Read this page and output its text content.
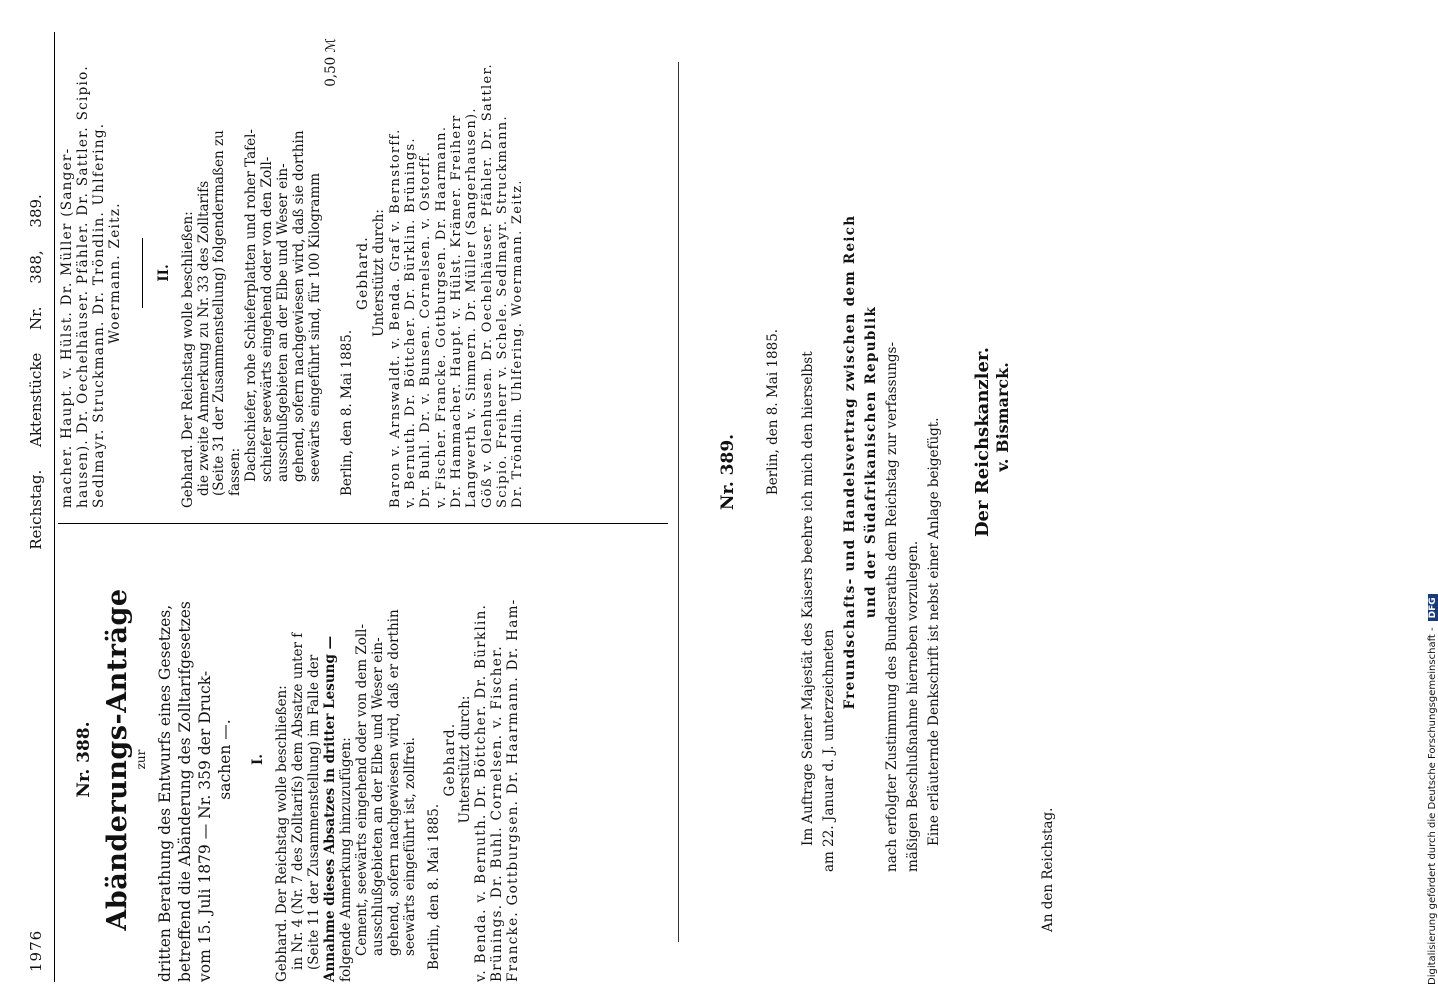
1976
Reichstag. Aktenstücke Nr. 388, 389.
Nr. 388. Abänderungs-Anträge zur dritten Berathung des Entwurfs eines Gesetzes, betreffend die Abänderung des Zolltarifgesetzes vom 15. Juli 1879 — Nr. 359 der Druck- sachen —. I. Gebhard. Der Reichstag wolle beschließen: in Nr. 4 (Nr. 7 des Zolltarifs) dem Absatze unter f (Seite 11 der Zusammenstellung) im Falle der Annahme dieses Absatzes in dritter Lesung — folgende Anmerkung hinzuzufügen: Cement, seewärts eingehend oder von dem Zoll- ausschlußgebieten an der Elbe und Weser ein- gehend, sofern nachgewiesen wird, daß er dorthin seewärts eingeführt ist, zollfrei. Berlin, den 8. Mai 1885.
Gebhard. Unterstützt durch: v. Benda. v. Bernuth. Dr. Böttcher. Dr. Bürklin. Brünings. Dr. Buhl. Cornelsen. v. Fischer. Francke. Gottburgsen. Dr. Haarmann. Dr. Ham-
macher. Haupt. v. Hülst. Dr. Müller (Sanger- hausen). Dr. Oechelhäuser. Pfähler. Dr. Sattler. Scipio. Sedlmayr. Struckmann. Dr. Tröndlin. Uhlfering. Woermann. Zeitz. II. Gebhard. Der Reichstag wolle beschließen: die zweite Anmerkung zu Nr. 33 des Zolltarifs (Seite 31 der Zusammenstellung) folgendermaßen zu fassen: Dachschiefer, rohe Schieferplatten und roher Tafel- schiefer seewärts eingehend oder von den Zoll- ausschlußgebieten an der Elbe und Weser ein- gehend, sofern nachgewiesen wird, daß sie dorthin seewärts eingeführt sind, für 100 Kilogramm
0,50 ℳ
Berlin, den 8. Mai 1885.
Gebhard. Unterstützt durch: Baron v. Arnswaldt. v. Benda. Graf v. Bernstorff. v. Bernuth. Dr. Böttcher. Dr. Bürklin. Brünings. Dr. Buhl. Dr. v. Bunsen. Cornelsen. v. Ostorff. v. Fischer. Francke. Gottburgsen. Dr. Haarmann. Dr. Hammacher. Haupt. v. Hülst. Krämer. Freiherr Langwerth v. Simmern. Dr. Müller (Sangerhausen). Göß v. Olenhusen. Dr. Oechelhäuser. Pfähler. Dr. Sattler. Scipio. Freiherr v. Schele. Sedlmayr. Struckmann. Dr. Tröndlin. Uhlfering. Woermann. Zeitz.	Nr. 389. Berlin, den 8. Mai 1885. Im Auftrage Seiner Majestät des Kaisers beehre ich mich den hierselbst am 22. Januar d. J. unterzeichneten
Freundschafts- und Handelsvertrag zwischen dem Reich und der Südafrikanischen Republik nach erfolgter Zustimmung des Bundesraths dem Reichstag zur verfassungs- mäßigen Beschlußnahme hierneben vorzulegen. Eine erläuternde Denkschrift ist nebst einer Anlage beigefügt. Der Reichskanzler. v. Bismarck.
An den Reichstag.	Digitalisierung gefördert durch die Deutsche Forschungsgemeinschaft -DFG
